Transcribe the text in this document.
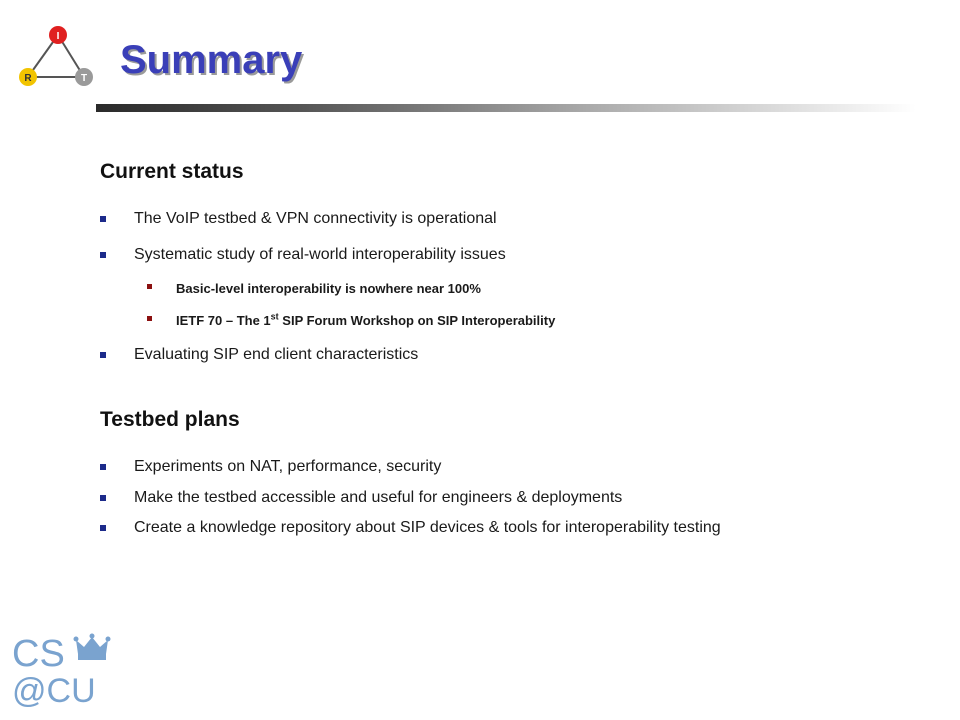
I
R	T Summary
Current status
The VoIP testbed & VPN connectivity is operational
Systematic study of real-world interoperability issues
Basic-level interoperability is nowhere near 100%
IETF 70 – The 1st SIP Forum Workshop on SIP Interoperability
Evaluating SIP end client characteristics
Testbed plans
Experiments on NAT, performance, security
Make the testbed accessible and useful for engineers & deployments
Create a knowledge repository about SIP devices & tools for interoperability testing
CS
@CU
